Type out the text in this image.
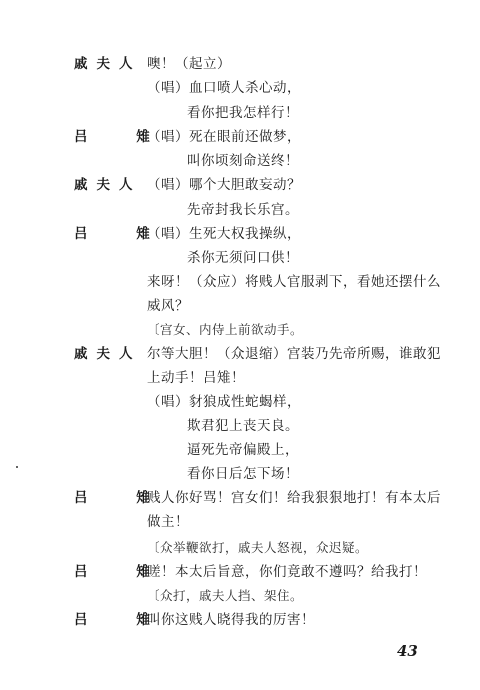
戚夫人 噢！（起立）
（唱）血口喷人杀心动，
看你把我怎样行！
吕 雉
（唱）死在眼前还做梦，
叫你顷刻命送终！
戚夫人 （唱）哪个大胆敢妄动？
先帝封我长乐宫。
吕 雉
（唱）生死大权我操纵，
杀你无须问口供！
来呀！（众应）将贱人官服剥下，看她还摆什么
威风？
〔宫女、内侍上前欲动手。
戚夫人 尔等大胆！（众退缩）宫装乃先帝所赐，谁敢犯
上动手！吕雉！
（唱）豺狼成性蛇蝎样，
欺君犯上丧天良。
逼死先帝偏殿上，
看你日后怎下场！
43
吕 雉
贱人你好骂！宫女们！给我狠狠地打！有本太后
做主！
〔众举鞭欲打，戚夫人怒视，众迟疑。
吕 雉
嗟！本太后旨意，你们竟敢不遵吗？给我打！
〔众打，戚夫人挡、架住。
吕 雉
叫你这贱人晓得我的厉害！
